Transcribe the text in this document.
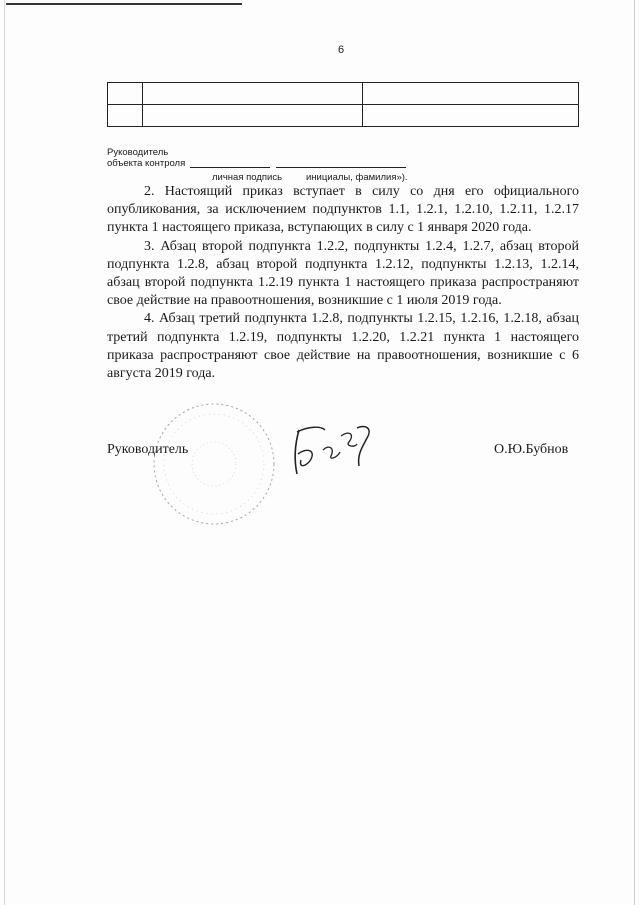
6

Руководитель
объекта контроля
личная подпись	инициалы, фамилия»).

2. Настоящий приказ вступает в силу со дня его официального опубликования, за исключением подпунктов 1.1, 1.2.1, 1.2.10, 1.2.11, 1.2.17 пункта 1 настоящего приказа, вступающих в силу с 1 января 2020 года.

3. Абзац второй подпункта 1.2.2, подпункты 1.2.4, 1.2.7, абзац второй подпункта 1.2.8, абзац второй подпункта 1.2.12, подпункты 1.2.13, 1.2.14, абзац второй подпункта 1.2.19 пункта 1 настоящего приказа распространяют свое действие на правоотношения, возникшие с 1 июля 2019 года.

4. Абзац третий подпункта 1.2.8, подпункты 1.2.15, 1.2.16, 1.2.18, абзац третий подпункта 1.2.19, подпункты 1.2.20, 1.2.21 пункта 1 настоящего приказа распространяют свое действие на правоотношения, возникшие с 6 августа 2019 года.

Руководитель	О.Ю.Бубнов
